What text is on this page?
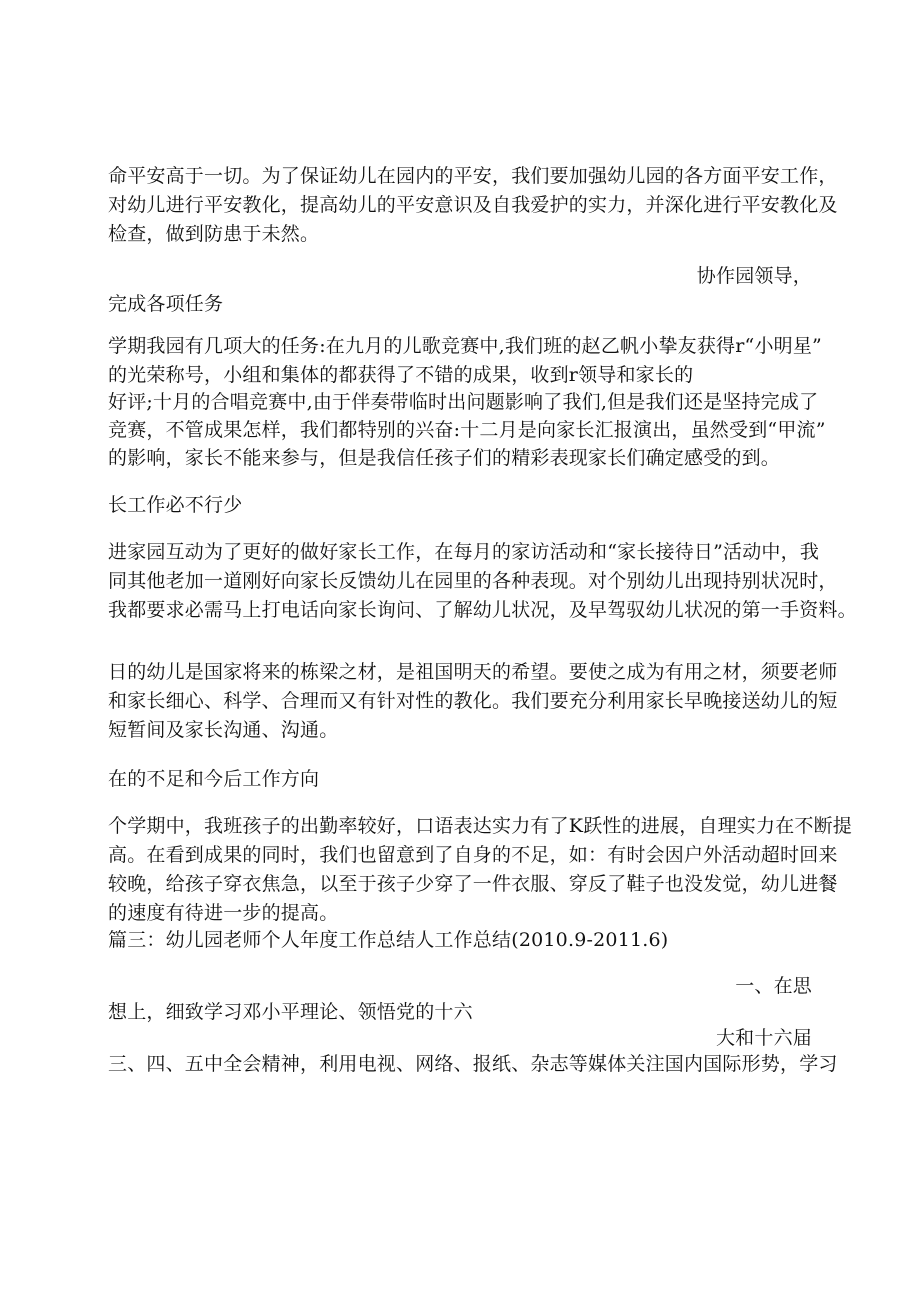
命平安高于一切。为了保证幼儿在园内的平安，我们要加强幼儿园的各方面平安工作，
对幼儿进行平安教化，提高幼儿的平安意识及自我爱护的实力，并深化进行平安教化及
检查，做到防患于未然。
协作园领导，
完成各项任务
学期我园有几项大的任务:在九月的儿歌竞赛中,我们班的赵乙帆小挚友获得r“小明星”
的光荣称号，小组和集体的都获得了不错的成果，收到r领导和家长的
好评;十月的合唱竞赛中,由于伴奏带临时出问题影响了我们,但是我们还是坚持完成了
竞赛，不管成果怎样，我们都特别的兴奋:十二月是向家长汇报演出，虽然受到“甲流”
的影响，家长不能来参与，但是我信任孩子们的精彩表现家长们确定感受的到。
长工作必不行少
进家园互动为了更好的做好家长工作，在每月的家访活动和“家长接待日”活动中，我
同其他老加一道刚好向家长反馈幼儿在园里的各种表现。对个别幼儿出现持别状况时，
我都要求必需马上打电话向家长询问、了解幼儿状况，及早驾驭幼儿状况的第一手资料。
日的幼儿是国家将来的栋梁之材，是祖国明天的希望。要使之成为有用之材，须要老师
和家长细心、科学、合理而又有针对性的教化。我们要充分利用家长早晚接送幼儿的短
短暂间及家长沟通、沟通。
在的不足和今后工作方向
个学期中，我班孩子的出勤率较好，口语表达实力有了K跃性的进展，自理实力在不断提
高。在看到成果的同时，我们也留意到了自身的不足，如：有时会因户外活动超时回来
较晚，给孩子穿衣焦急，以至于孩子少穿了一件衣服、穿反了鞋子也没发觉，幼儿进餐
的速度有待进一步的提高。
篇三：幼儿园老师个人年度工作总结人工作总结(2010.9-2011.6)
一、在思
想上，细致学习邓小平理论、领悟党的十六
大和十六届
三、四、五中全会精神，利用电视、网络、报纸、杂志等媒体关注国内国际形势，学习
